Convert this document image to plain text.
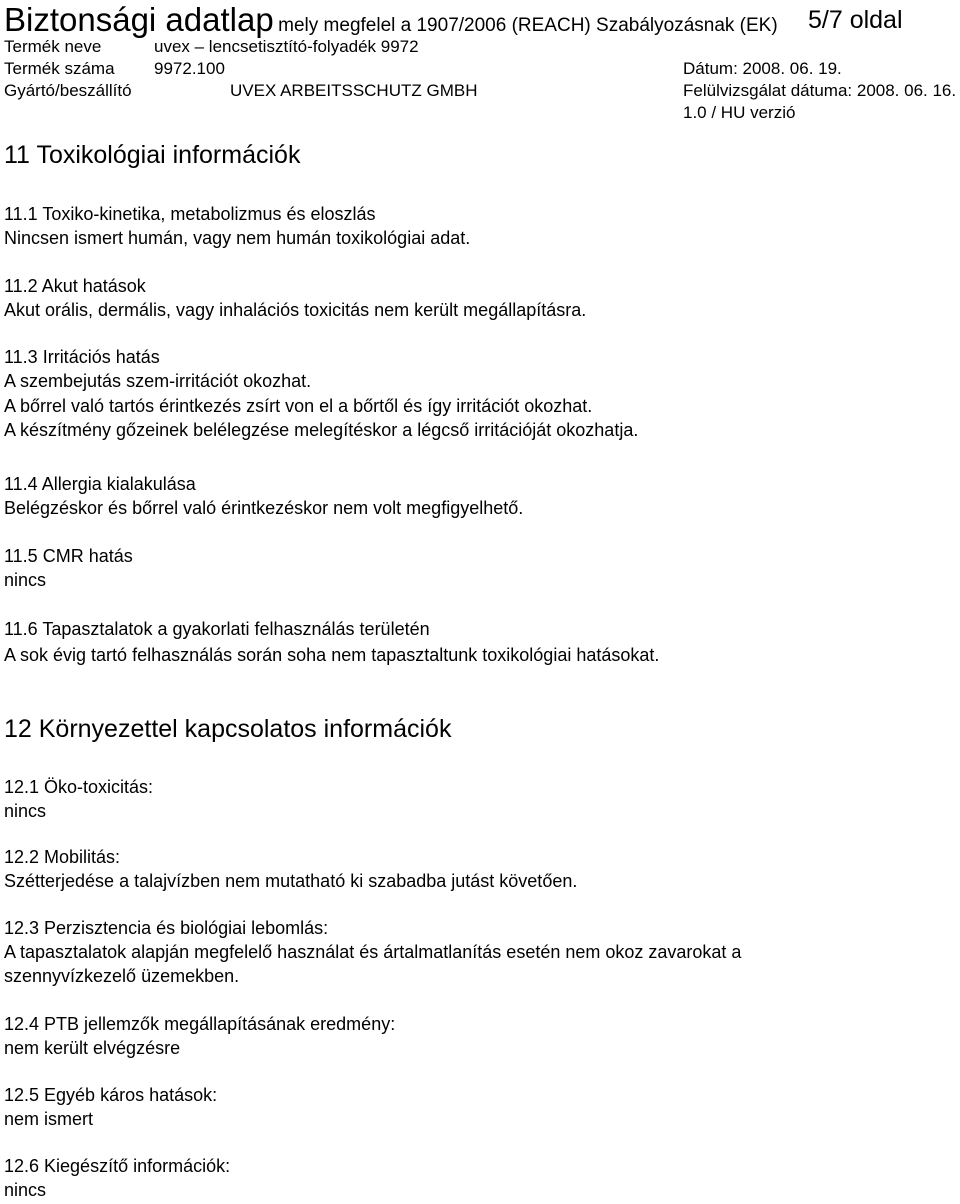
Biztonsági adatlap mely megfelel a 1907/2006 (REACH) Szabályozásnak (EK) 5/7 oldal
Termék neve	uvex – lencsetisztító-folyadék 9972
Termék száma 9972.100	Dátum: 2008. 06. 19.
Gyártó/beszállító	UVEX ARBEITSSCHUTZ GMBH	Felülvizsgálat dátuma: 2008. 06. 16.
1.0 / HU verzió
11 Toxikológiai információk
11.1 Toxiko-kinetika, metabolizmus és eloszlás
Nincsen ismert humán, vagy nem humán toxikológiai adat.
11.2 Akut hatások
Akut orális, dermális, vagy inhalációs toxicitás nem került megállapításra.
11.3 Irritációs hatás
A szembejutás szem-irritációt okozhat.
A bőrrel való tartós érintkezés zsírt von el a bőrtől és így irritációt okozhat.
A készítmény gőzeinek belélegzése melegítéskor a légcső irritációját okozhatja.
11.4 Allergia kialakulása
Belégzéskor és bőrrel való érintkezéskor nem volt megfigyelhető.
11.5 CMR hatás
nincs
11.6 Tapasztalatok a gyakorlati felhasználás területén
A sok évig tartó felhasználás során soha nem tapasztaltunk toxikológiai hatásokat.
12 Környezettel kapcsolatos információk
12.1 Öko-toxicitás:
nincs
12.2 Mobilitás:
Szétterjedése a talajvízben nem mutatható ki szabadba jutást követően.
12.3 Perzisztencia és biológiai lebomlás:
A tapasztalatok alapján megfelelő használat és ártalmatlanítás esetén nem okoz zavarokat a
szennyvízkezelő üzemekben.
12.4 PTB jellemzők megállapításának eredmény:
nem került elvégzésre
12.5 Egyéb káros hatások:
nem ismert
12.6 Kiegészítő információk:
nincs
